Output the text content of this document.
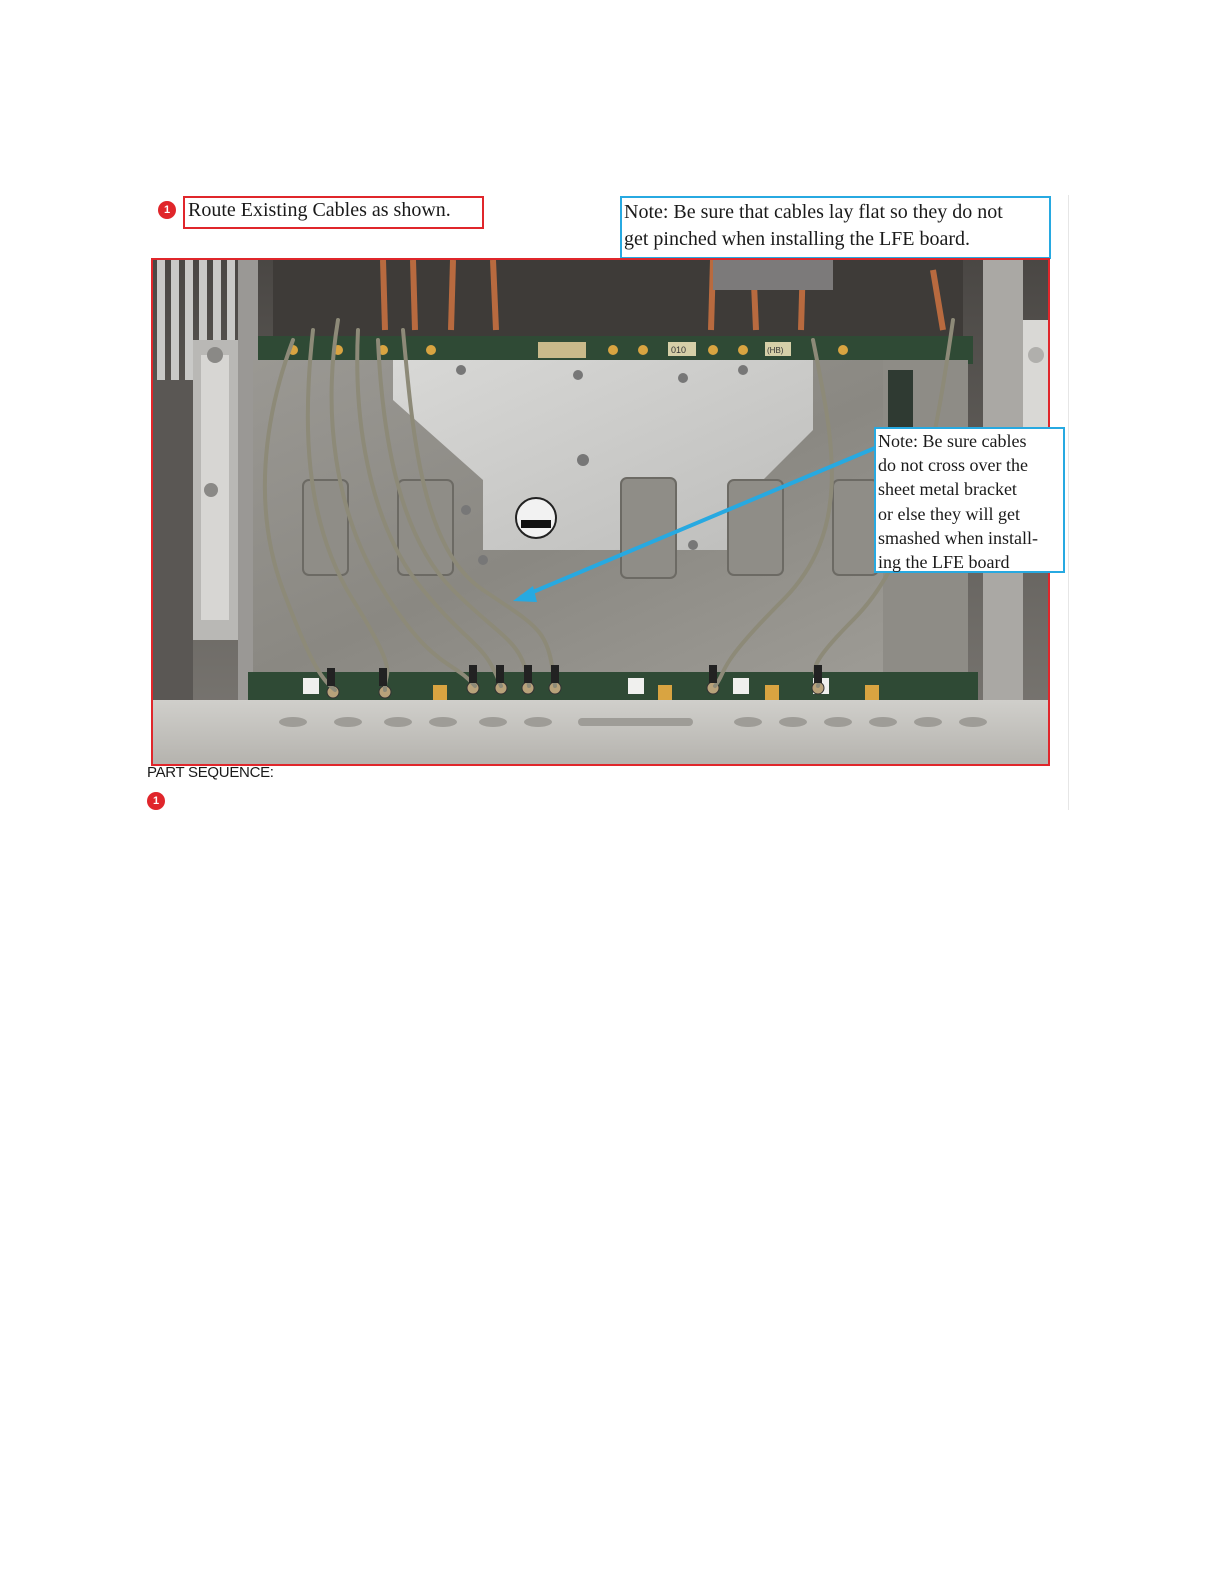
1 Route Existing Cables as shown.	Note: Be sure that cables lay flat so they do not
get pinched when installing the LFE board.
010	(HB)
Note: Be sure cables
do not cross over the
sheet metal bracket
or else they will get
smashed when install-
ing the LFE board
PART SEQUENCE:
1
